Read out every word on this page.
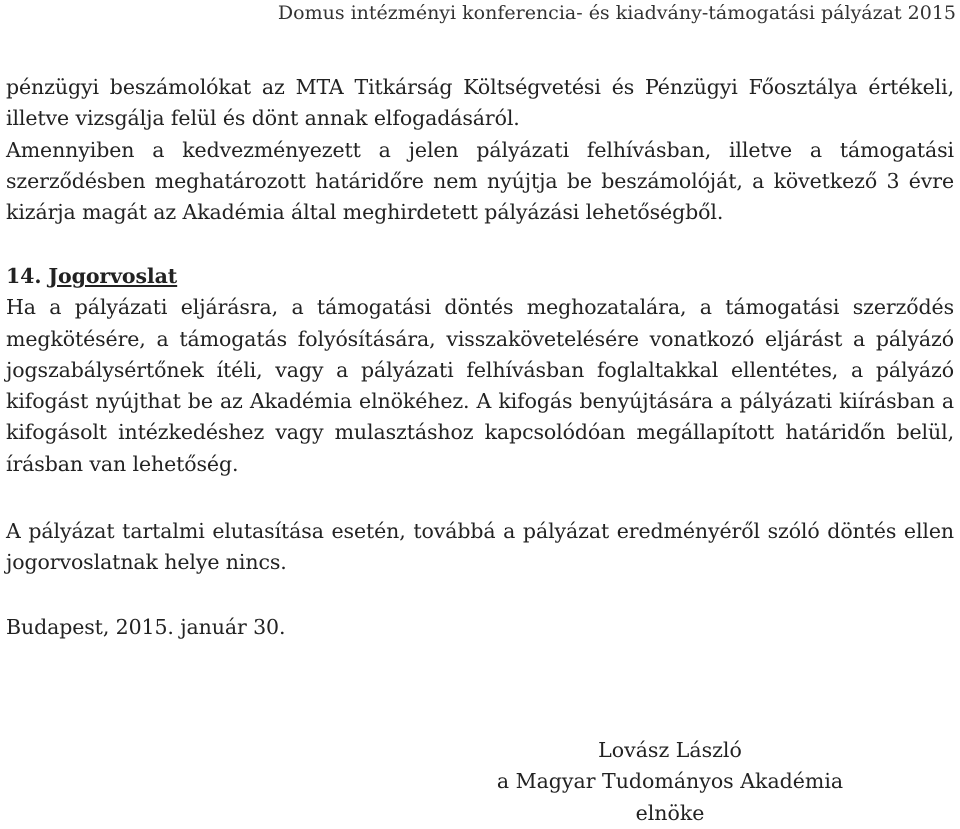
Domus intézményi konferencia- és kiadvány-támogatási pályázat 2015

pénzügyi beszámolókat az MTA Titkárság Költségvetési és Pénzügyi Főosztálya értékeli, illetve vizsgálja felül és dönt annak elfogadásáról.

Amennyiben a kedvezményezett a jelen pályázati felhívásban, illetve a támogatási szerződésben meghatározott határidőre nem nyújtja be beszámolóját, a következő 3 évre kizárja magát az Akadémia által meghirdetett pályázási lehetőségből.

14. Jogorvoslat

Ha a pályázati eljárásra, a támogatási döntés meghozatalára, a támogatási szerződés megkötésére, a támogatás folyósítására, visszakövetelésére vonatkozó eljárást a pályázó jogszabálysértőnek ítéli, vagy a pályázati felhívásban foglaltakkal ellentétes, a pályázó kifogást nyújthat be az Akadémia elnökéhez. A kifogás benyújtására a pályázati kiírásban a kifogásolt intézkedéshez vagy mulasztáshoz kapcsolódóan megállapított határidőn belül, írásban van lehetőség.

A pályázat tartalmi elutasítása esetén, továbbá a pályázat eredményéről szóló döntés ellen jogorvoslatnak helye nincs.

Budapest, 2015. január 30.

Lovász László
a Magyar Tudományos Akadémia
elnöke
